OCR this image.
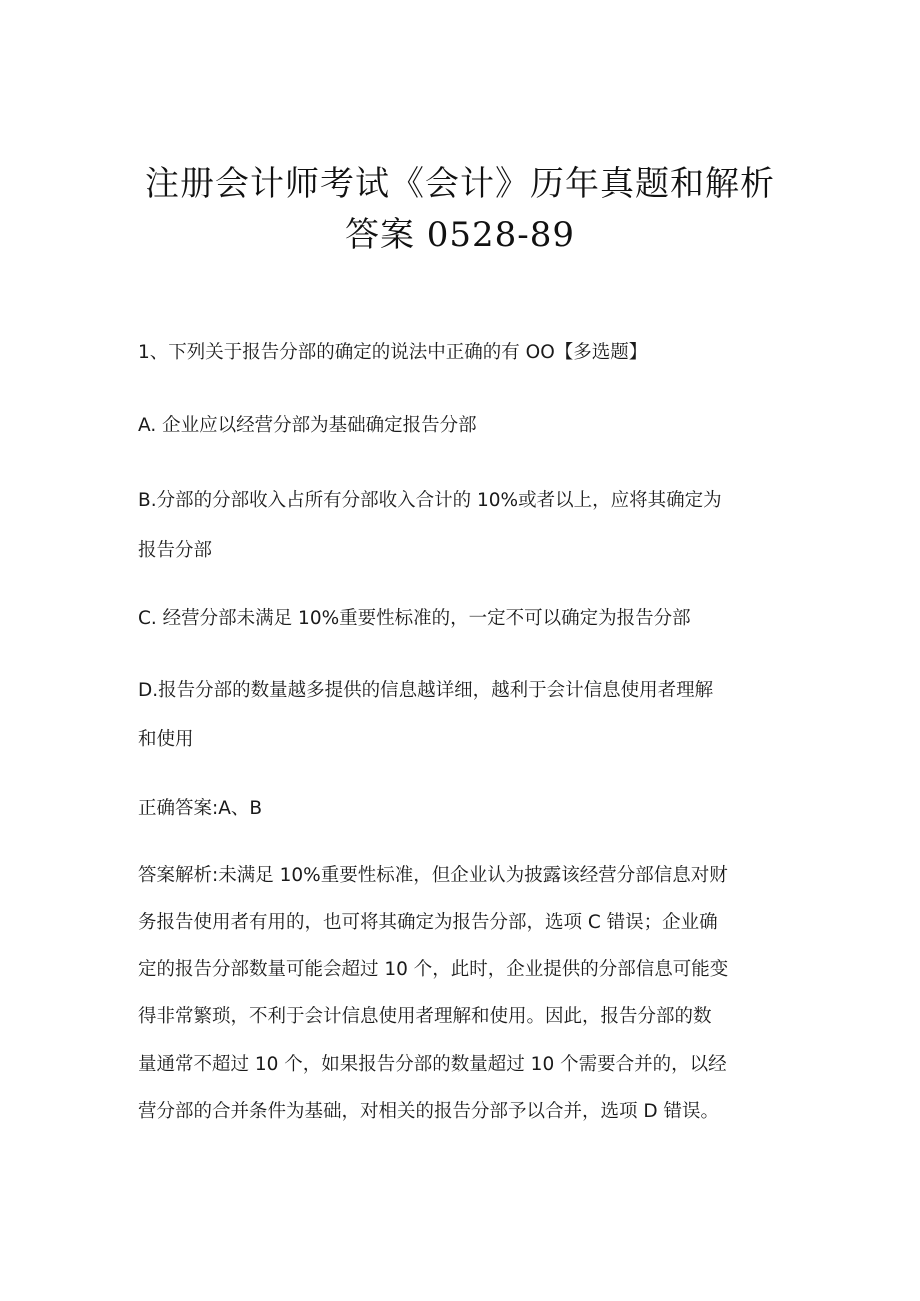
注册会计师考试《会计》历年真题和解析
答案 0528-89
1、下列关于报告分部的确定的说法中正确的有 OO【多选题】
A. 企业应以经营分部为基础确定报告分部
B.分部的分部收入占所有分部收入合计的 10%或者以上，应将其确定为
报告分部
C. 经营分部未满足 10%重要性标准的，一定不可以确定为报告分部
D.报告分部的数量越多提供的信息越详细，越利于会计信息使用者理解
和使用
正确答案:A、B
答案解析:未满足 10%重要性标准，但企业认为披露该经营分部信息对财
务报告使用者有用的，也可将其确定为报告分部，选项 C 错误；企业确
定的报告分部数量可能会超过 10 个，此时，企业提供的分部信息可能变
得非常繁琐，不利于会计信息使用者理解和使用。因此，报告分部的数
量通常不超过 10 个，如果报告分部的数量超过 10 个需要合并的，以经
营分部的合并条件为基础，对相关的报告分部予以合并，选项 D 错误。
